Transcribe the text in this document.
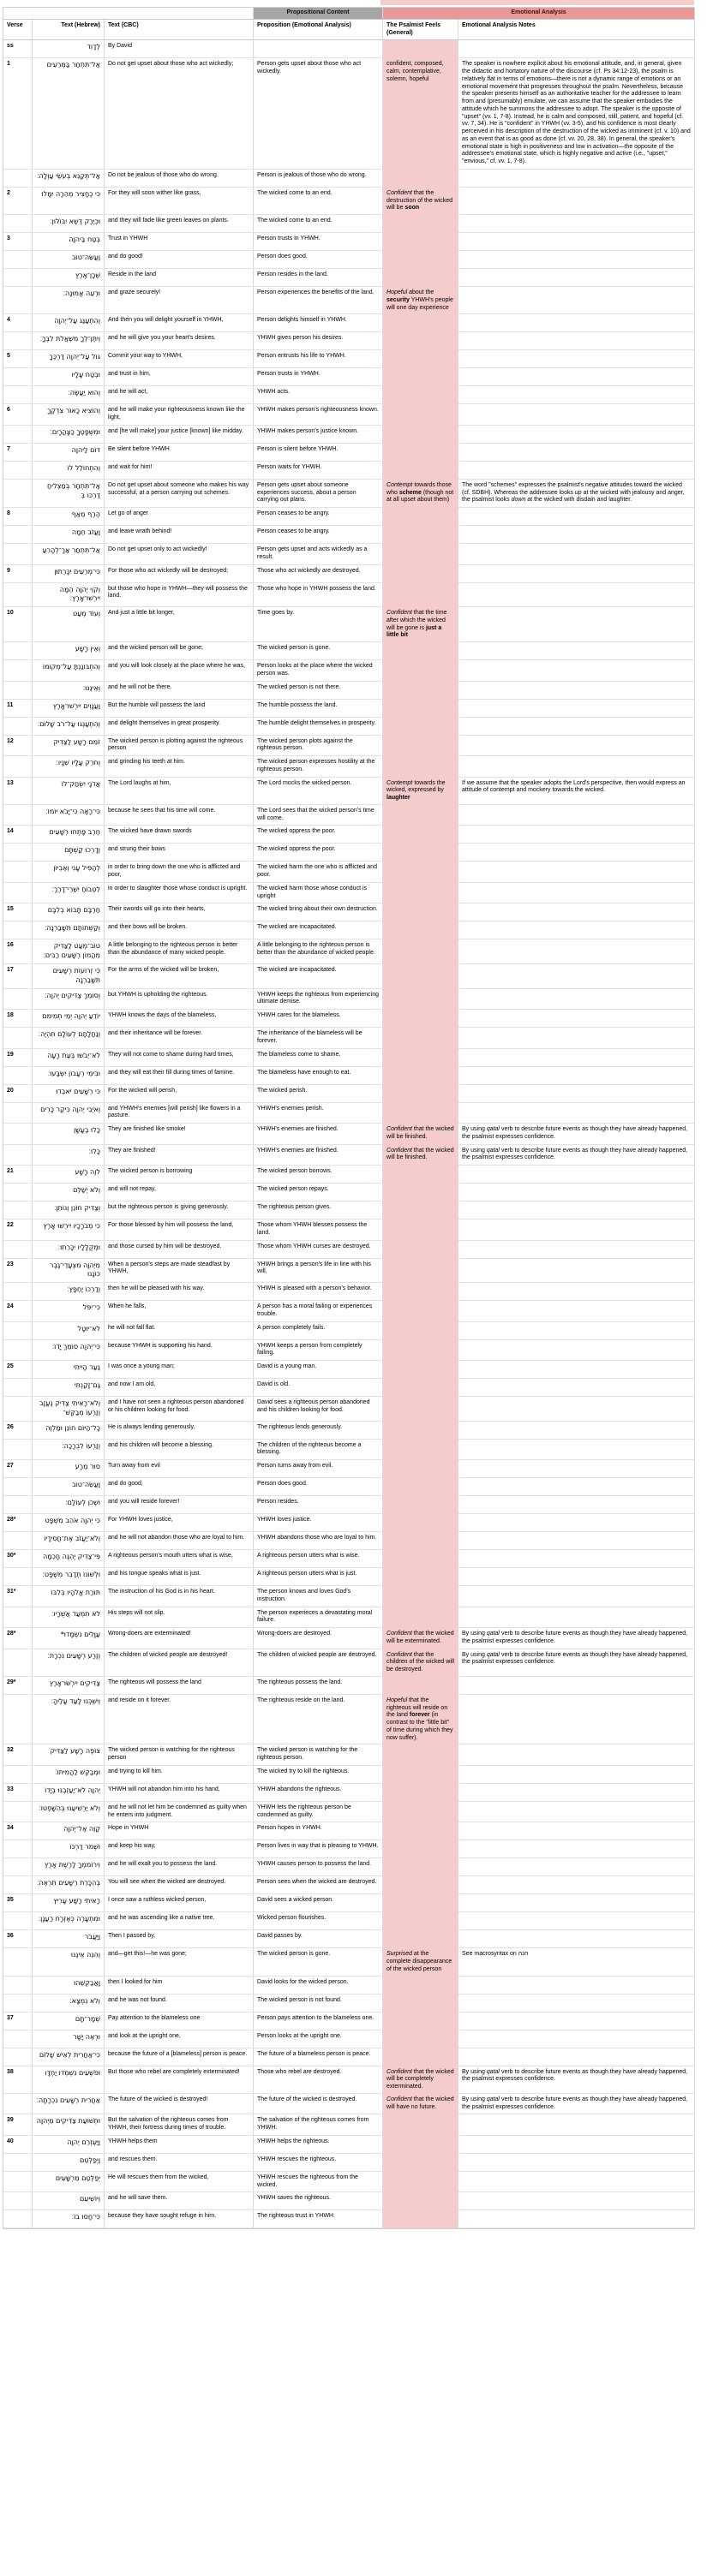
			Propositional Content	Emotional Analysis	
Verse	Text (Hebrew)	Text (CBC)	Proposition (Emotional Analysis)	The Psalmist Feels (General)	Emotional Analysis Notes
ss	לְדָוִד	By David			
1	אַל־תִּתְחַר בַּמְּרֵעִים	Do not get upset about those who act wickedly;	Person gets upset about those who act wickedly.	confident, composed, calm, contemplative, solemn, hopeful	The speaker is nowhere explicit about his emotional attitude, and, in general, given the didactic and hortatory nature of the discourse (cf. Ps 34:12-23), the psalm is relatively flat in terms of emotions—there is not a dynamic range of emotions or an emotional movement that progresses throughout the psalm. Nevertheless, because the speaker presents himself as an authoritative teacher for the addressee to learn from and (presumably) emulate, we can assume that the speaker embodies the attitude which he summons the addressee to adopt. The speaker is the opposite of "upset" (vv. 1, 7-8). Instead, he is calm and composed, still, patient, and hopeful (cf. vv. 7, 34). He is "confident" in YHWH (vv. 3-5), and his confidence is most clearly perceived in his description of the destruction of the wicked as imminent (cf. v. 10) and as an event that is as good as done (cf. vv. 20, 28, 38). In general, the speaker's emotional state is high in positiveness and low in activation—the opposite of the addressee's emotional state, which is highly negative and active (i.e., "upset," "envious," cf. vv. 1, 7-8).
	אַל־תְּקַנֵּא בְּעֹשֵׂי עַוְלָה׃	Do not be jealous of those who do wrong.	Person is jealous of those who do wrong.		
2	כִּי כֶחָצִיר מְהֵרָה יִמָּלוּ	For they will soon wither like grass,	The wicked come to an end.	Confident that the destruction of the wicked will be soon	
	וּכְיֶרֶק דֶּשֶׁא יִבּוֹלוּן׃	and they will fade like green leaves on plants.	The wicked come to an end.		
3	בְּטַח בַּיהוָה	Trust in YHWH	Person trusts in YHWH.		
	וַעֲשֵׂה־טוֹב	and do good!	Person does good.		
	שְׁכָן־אֶרֶץ	Reside in the land	Person resides in the land.		
	וּרְעֵה אֱמוּנָה׃	and graze securely!	Person experiences the benefits of the land.	Hopeful about the security YHWH's people will one day experience	
4	וְהִתְעַנַּג עַל־יְהוָה	And then you will delight yourself in YHWH,	Person delights himself in YHWH.		
	וְיִתֶּן־לְךָ מִשְׁאֲלֹת לִבֶּךָ׃	and he will give you your heart's desires.	YHWH gives person his desires.		
5	גּוֹל עַל־יְהוָה דַּרְכֶּךָ	Commit your way to YHWH,	Person entrusts his life to YHWH.		
	וּבְטַח עָלָיו	and trust in him,	Person trusts in YHWH.		
	וְהוּא יַעֲשֶׂה׃	and he will act,	YHWH acts.		
6	וְהוֹצִיא כָאוֹר צִדְקֶךָ	and he will make your righteousness known like the light,	YHWH makes person's righteousness known.		
	וּמִשְׁפָּטֶךָ כַּצָּהֳרָיִם׃	and [he will make] your justice [known] like midday.	YHWH makes person's justice known.		
7	דּוֹם לַיהוָה	Be silent before YHWH	Person is silent before YHWH.		
	וְהִתְחוֹלֵל לוֹ	and wait for him!	Person waits for YHWH.		
	אַל־תִּתְחַר בְּמַצְלִיחַ דַּרְכּוֹ בְּ	Do not get upset about someone who makes his way successful, at a person carrying out schemes.	Person gets upset about someone experiences success, about a person carrying out plans.	Contempt towards those who scheme (though not at all upset about them)	The word "schemes" expresses the psalmist's negative attitudes toward the wicked (cf. SDBH). Whereas the addressee looks up at the wicked with jealousy and anger, the psalmist looks down at the wicked with disdain and laughter.
8	הֶרֶף מֵאַף	Let go of anger	Person ceases to be angry.		
	וַעֲזֹב חֵמָה	and leave wrath behind!	Person ceases to be angry.		
	אַל־תִּתְחַר אַךְ־לְהָרֵעַ	Do not get upset only to act wickedly!	Person gets upset and acts wickedly as a result.		
9	כִּי־מְרֵעִים יִכָּרֵתוּן	For those who act wickedly will be destroyed;	Those who act wickedly are destroyed.		
	וְקֹוֵי יְהוָה הֵמָּה יִירְשׁוּ־אָרֶץ׃	but those who hope in YHWH—they will possess the land.	Those who hope in YHWH possess the land.		
10	וְעוֹד מְעַט	And just a little bit longer,	Time goes by.	Confident that the time after which the wicked will be gone is just a little bit	
	וְאֵין רָשָׁע	and the wicked person will be gone;	The wicked person is gone.		
	וְהִתְבּוֹנַנְתָּ עַל־מְקוֹמוֹ	and you will look closely at the place where he was,	Person looks at the place where the wicked person was.		
	וְאֵינֶנּוּ׃	and he will not be there.	The wicked person is not there.		
11	וַעֲנָוִים יִירְשׁוּ־אָרֶץ	But the humble will possess the land	The humble possess the land.		
	וְהִתְעַנְּגוּ עַל־רֹב שָׁלוֹם׃	and delight themselves in great prosperity.	The humble delight themselves in prosperity.		
12	זֹמֵם רָשָׁע לַצַּדִּיק	The wicked person is plotting against the righteous person	The wicked person plots against the righteous person.		
	וְחֹרֵק עָלָיו שִׁנָּיו׃	and grinding his teeth at him.	The wicked person expresses hostility at the righteous person.		
13	אֲדֹנָי יִשְׂחַק־לוֹ	The Lord laughs at him,	The Lord mocks the wicked person.	Contempt towards the wicked, expressed by laughter	If we assume that the speaker adopts the Lord's perspective, then would express an attitude of contempt and mockery towards the wicked.
	כִּי־רָאָה כִּי־יָבֹא יוֹמוֹ׃	because he sees that his time will come.	The Lord sees that the wicked person's time will come.		
14	חֶרֶב פָּתְחוּ רְשָׁעִים	The wicked have drawn swords	The wicked oppress the poor.		
	וְדָרְכוּ קַשְׁתָּם	and strung their bows	The wicked oppress the poor.		
	לְהַפִּיל עָנִי וְאֶבְיוֹן	in order to bring down the one who is afflicted and poor,	The wicked harm the one who is afflicted and poor.		
	לִטְבוֹחַ יִשְׁרֵי־דָרֶךְ׃	in order to slaughter those whose conduct is upright.	The wicked harm those whose conduct is upright		
15	חַרְבָּם תָּבוֹא בְלִבָּם	Their swords will go into their hearts,	The wicked bring about their own destruction.		
	וְקַשְּׁתוֹתָם תִּשָּׁבַרְנָה׃	and their bows will be broken.	The wicked are incapacitated.		
16	טוֹב־מְעַט לַצַּדִּיק מֵהֲמוֹן רְשָׁעִים רַבִּים׃	A little belonging to the righteous person is better than the abundance of many wicked people.	A little belonging to the righteous person is better than the abundance of wicked people.		
17	כִּי זְרוֹעוֹת רְשָׁעִים תִּשָּׁבַרְנָה	For the arms of the wicked will be broken,	The wicked are incapacitated.		
	וְסוֹמֵךְ צַדִּיקִים יְהוָה׃	but YHWH is upholding the righteous.	YHWH keeps the righteous from experiencing ultimate demise.		
18	יוֹדֵעַ יְהוָה יְמֵי תְמִימִם	YHWH knows the days of the blameless,	YHWH cares for the blameless.		
	וְנַחֲלָתָם לְעוֹלָם תִּהְיֶה׃	and their inheritance will be forever.	The inheritance of the blameless will be forever.		
19	לֹא־יֵבֹשׁוּ בְּעֵת רָעָה	They will not come to shame during hard times,	The blameless come to shame.		
	וּבִימֵי רְעָבוֹן יִשְׂבָּעוּ׃	and they will eat their fill during times of famine.	The blameless have enough to eat.		
20	כִּי רְשָׁעִים יֹאבֵדוּ	For the wicked will perish,	The wicked perish.		
	וְאֹיְבֵי יְהוָה כִּיקַר כָּרִים	and YHWH's enemies [will perish] like flowers in a pasture.	YHWH's enemies perish.		
	כָּלוּ בֶעָשָׁן	They are finished like smoke!	YHWH's enemies are finished.	Confident that the wicked will be finished.	By using qatal verb to describe future events as though they have already happened, the psalmist expresses confidence.
	כָּלוּ׃	They are finished!	YHWH's enemies are finished.	Confident that the wicked will be finished.	By using qatal verb to describe future events as though they have already happened, the psalmist expresses confidence.
21	לֹוֶה רָשָׁע	The wicked person is borrowing	The wicked person borrows.		
	וְלֹא יְשַׁלֵּם	and will not repay,	The wicked person repays.		
	וְצַדִּיק חוֹנֵן וְנוֹתֵן׃	but the righteous person is giving generously.	The righteous person gives.		
22	כִּי מְבֹרָכָיו יִירְשׁוּ אָרֶץ	For those blessed by him will possess the land,	Those whom YHWH blesses possess the land.		
	וּמְקֻלָּלָיו יִכָּרֵתוּ׃	and those cursed by him will be destroyed.	Those whom YHWH curses are destroyed.		
23	מֵיְהוָה מִצְעֲדֵי־גֶבֶר כּוֹנָנוּ	When a person's steps are made steadfast by YHWH,	YHWH brings a person's life in line with his will,		
	וְדַרְכּוֹ יֶחְפָּץ׃	then he will be pleased with his way.	YHWH is pleased with a person's behavior.		
24	כִּי־יִפֹּל	When he falls,	A person has a moral failing or experiences trouble.		
	לֹא־יוּטָל	he will not fall flat.	A person completely fails.		
	כִּי־יְהוָה סוֹמֵךְ יָדוֹ׃	because YHWH is supporting his hand.	YHWH keeps a person from completely failing.		
25	נַעַר הָיִיתִי	I was once a young man;	David is a young man.		
	גַּם־זָקַנְתִּי	and now I am old,	David is old.		
	וְלֹא־רָאִיתִי צַדִּיק נֶעֱזָב וְזַרְעוֹ מְבַקֶּשׁ־	and I have not seen a righteous person abandoned or his children looking for food.	David sees a righteous person abandoned and his children looking for food.		
26	כָּל־הַיּוֹם חוֹנֵן וּמַלְוֶה	He is always lending generously,	The righteous lends generously.		
	וְזַרְעוֹ לִבְרָכָה׃	and his children will become a blessing.	The children of the righteous become a blessing.		
27	סוּר מֵרָע	Turn away from evil	Person turns away from evil.		
	וַעֲשֵׂה־טוֹב	and do good,	Person does good.		
	וּשְׁכֹן לְעוֹלָם׃	and you will reside forever!	Person resides.		
28*	כִּי יְהוָה אֹהֵב מִשְׁפָּט	For YHWH loves justice,	YHWH loves justice.		
	וְלֹא־יַעֲזֹב אֶת־חֲסִידָיו	and he will not abandon those who are loyal to him.	YHWH abandons those who are loyal to him.		
30*	פִּי־צַדִּיק יֶהְגֶּה חָכְמָה	A righteous person's mouth utters what is wise,	A righteous person utters what is wise.		
	וּלְשׁוֹנוֹ תְּדַבֵּר מִשְׁפָּט׃	and his tongue speaks what is just.	A righteous person utters what is just.		
31*	תּוֹרַת אֱלֹהָיו בְּלִבּוֹ	The instruction of his God is in his heart.	The person knows and loves God's instruction.		
	לֹא תִמְעַד אֲשֻׁרָיו׃	His steps will not slip.	The person experieces a devastating moral failure.		
28*	עַוָּלִים נִשְׁמָדוּ*	Wrong-doers are exterminated!	Wrong-doers are destroyed.	Confident that the wicked will be exterminated.	By using qatal verb to describe future events as though they have already happened, the psalmist expresses confidence.
	וְזֶרַע רְשָׁעִים נִכְרָת׃	The children of wicked people are destroyed!	The children of wicked people are destroyed.	Confident that the children of the wicked will be destroyed.	By using qatal verb to describe future events as though they have already happened, the psalmist expresses confidence.
29*	צַדִּיקִים יִירְשׁוּ־אָרֶץ	The righteous will possess the land	The righteous possess the land.		
	וְיִשְׁכְּנוּ לָעַד עָלֶיהָ׃	and reside on it forever.	The righteous reside on the land.	Hopeful that the righteous will reside on the land forever (in contrast to the "little bit" of time during which they now suffer).	
32	צוֹפֶה רָשָׁע לַצַּדִּיק	The wicked person is watching for the righteous person	The wicked person is watching for the righteous person.		
	וּמְבַקֵּשׁ לַהֲמִיתוֹ׃	and trying to kill him.	The wicked try to kill the righteous.		
33	יְהוָה לֹא־יַעַזְבֶנּוּ בְיָדוֹ	YHWH will not abandon him into his hand,	YHWH abandons the righteous.		
	וְלֹא יַרְשִׁיעֶנּוּ בְּהִשָּׁפְטוֹ׃	and he will not let him be condemned as guilty when he enters into judgment.	YHWH lets the righteous person be condemned as guilty.		
34	קַוֵּה אֶל־יְהוָה	Hope in YHWH	Person hopes in YHWH.		
	וּשְׁמֹר דַּרְכּוֹ	and keep his way,	Person lives in way that is pleasing to YHWH.		
	וִירוֹמִמְךָ לָרֶשֶׁת אָרֶץ	and he will exalt you to possess the land.	YHWH causes person to possess the land.		
	בְּהִכָּרֵת רְשָׁעִים תִּרְאֶה׃	You will see when the wicked are destroyed.	Person sees when the wicked are destroyed.		
35	רָאִיתִי רָשָׁע עָרִיץ	I once saw a ruthless wicked person,	David sees a wicked person.		
	וּמִתְעָרֶה כְּאֶזְרָח רַעֲנָן׃	and he was ascending like a native tree.	Wicked person flourishes.		
36	וַיַּעֲבֹר	Then I passed by,	David passes by.		
	וְהִנֵּה אֵינֶנּוּ	and—get this!—he was gone;	The wicked person is gone.	Surprised at the complete disappearance of the wicked person	See macrosyntax on הנה
	וָאֲבַקְשֵׁהוּ	then I looked for him	David looks for the wicked person.		
	וְלֹא נִמְצָא׃	and he was not found.	The wicked person is not found.		
37	שְׁמָר־תָּם	Pay attention to the blameless one	Person pays attention to the blameless one.		
	וּרְאֵה יָשָׁר	and look at the upright one,	Person looks at the upright one.		
	כִּי־אַחֲרִית לְאִישׁ שָׁלוֹם	because the future of a [blameless] person is peace.	The future of a blameless person is peace.		
38	וּפֹשְׁעִים נִשְׁמְדוּ יַחְדָּו	But those who rebel are completely exterminated!	Those who rebel are destroyed.	Confident that the wicked will be completely exterminated.	By using qatal verb to describe future events as though they have already happened, the psalmist expresses confidence.
	אַחֲרִית רְשָׁעִים נִכְרָתָה׃	The future of the wicked is destroyed!	The future of the wicked is destroyed.	Confident that the wicked will have no future.	By using qatal verb to describe future events as though they have already happened, the psalmist expresses confidence.
39	וּתְשׁוּעַת צַדִּיקִים מֵיְהוָה	But the salvation of the righteous comes from YHWH, their fortress during times of trouble.	The salvation of the righteous comes from YHWH.		
40	וַיַּעְזְרֵם יְהוָה	YHWH helps them	YHWH helps the righteous.		
	וַיְפַלְּטֵם	and rescues them.	YHWH rescues the righteous.		
	יְפַלְּטֵם מֵרְשָׁעִים	He will rescues them from the wicked,	YHWH rescues the righteous from the wicked.		
	וְיוֹשִׁיעֵם	and he will save them.	YHWH saves the righteous.		
	כִּי־חָסוּ בוֹ׃	because they have sought refuge in him.	The righteous trust in YHWH.		
